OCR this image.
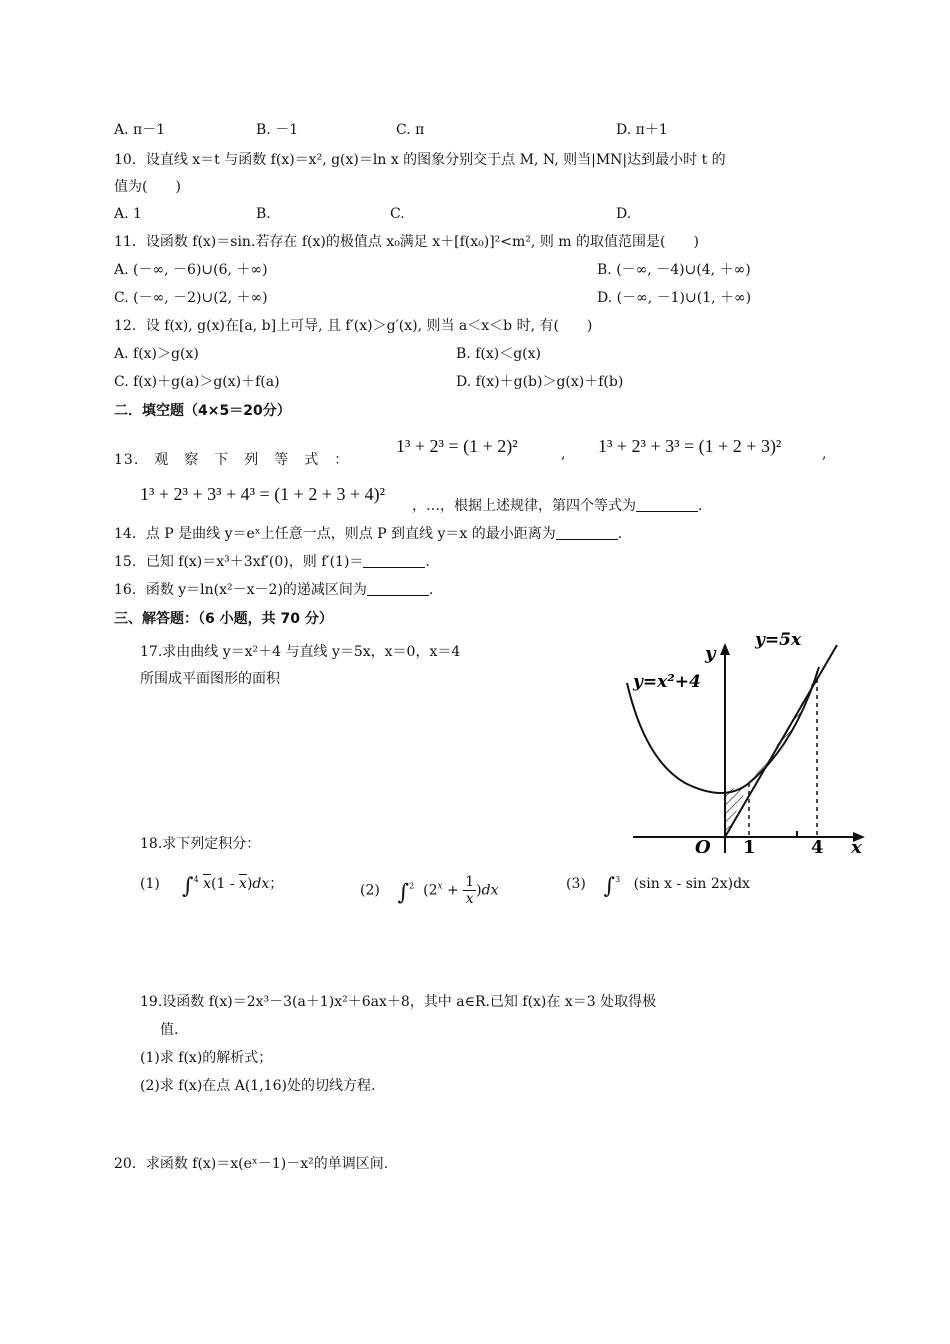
A. π－1	B. －1	C. π	D. π＋1
10．设直线 x＝t 与函数 f(x)＝x², g(x)＝ln x 的图象分别交于点 M, N, 则当|MN|达到最小时 t 的
值为(　　)
A. 1	B.	C.	D.
11．设函数 f(x)＝sin.若存在 f(x)的极值点 x₀满足 x＋[f(x₀)]²<m², 则 m 的取值范围是(　　)
A. (－∞, －6)∪(6, ＋∞)	B. (－∞, －4)∪(4, ＋∞)
C. (－∞, －2)∪(2, ＋∞)	D. (－∞, －1)∪(1, ＋∞)
12．设 f(x), g(x)在[a, b]上可导, 且 f′(x)＞g′(x), 则当 a＜x＜b 时, 有(　　)
A. f(x)＞g(x)	B. f(x)＜g(x)
C. f(x)＋g(a)＞g(x)＋f(a)	D. f(x)＋g(b)＞g(x)＋f(b)
二．填空题（4×5＝20分）
13.　观　察　下　列　等　式　：
1³ + 2³ = (1 + 2)²	, 1³ + 2³ + 3³ = (1 + 2 + 3)²	,
1³ + 2³ + 3³ + 4³ = (1 + 2 + 3 + 4)²
，…，根据上述规律，第四个等式为	.
14．点 P 是曲线 y＝eˣ上任意一点，则点 P 到直线 y＝x 的最小距离为	.
15．已知 f(x)＝x³＋3xf′(0)，则 f′(1)＝	.
16．函数 y＝ln(x²－x－2)的递减区间为	.
三、解答题：（6 小题，共 70 分）
17.求由曲线 y＝x²＋4 与直线 y＝5x，x＝0，x＝4
所围成平面图形的面积
y=5x
y=x²+4
y
x
O 1	4
18.求下列定积分：
(1) ∫$^4$ x(1 - x)dx；	(2) ∫$^2$  $(2^x + \frac{1}{x} )dx$	(3) ∫$^3$ (sin x - sin 2x)dx
19.设函数 f(x)＝2x³－3(a＋1)x²＋6ax＋8，其中 a∈R.已知 f(x)在 x＝3 处取得极
值.
(1)求 f(x)的解析式；
(2)求 f(x)在点 A(1,16)处的切线方程.
20．求函数 f(x)＝x(eˣ－1)－x²的单调区间.
